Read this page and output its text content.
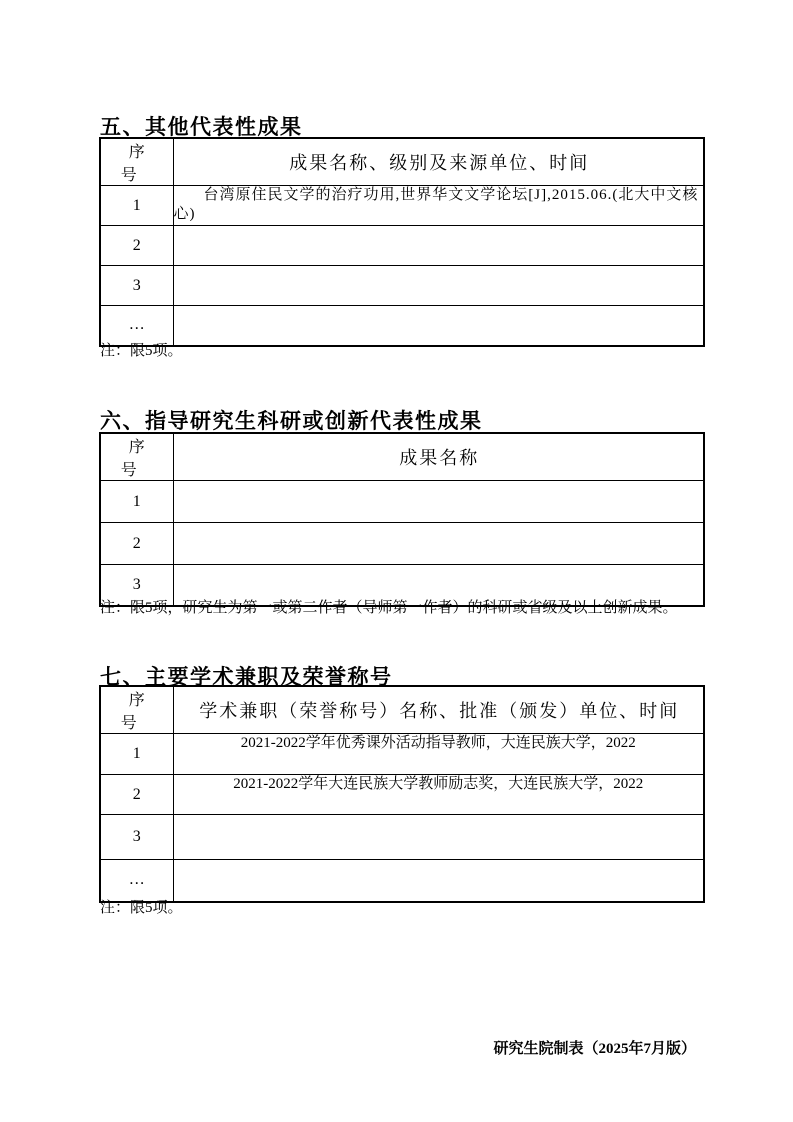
五、其他代表性成果
序号	成果名称、级别及来源单位、时间
1	台湾原住民文学的治疗功用,世界华文文学论坛[J],2015.06.(北大中文核心)
2	
3	
…	

注：限5项。

六、指导研究生科研或创新代表性成果
序号	成果名称
1	
2	
3	

注：限5项，研究生为第一或第二作者（导师第一作者）的科研或省级及以上创新成果。

七、主要学术兼职及荣誉称号
序号	学术兼职（荣誉称号）名称、批准（颁发）单位、时间
1	2021-2022学年优秀课外活动指导教师，大连民族大学，2022
2	2021-2022学年大连民族大学教师励志奖，大连民族大学，2022
3	
…	

注：限5项。

研究生院制表（2025年7月版）
